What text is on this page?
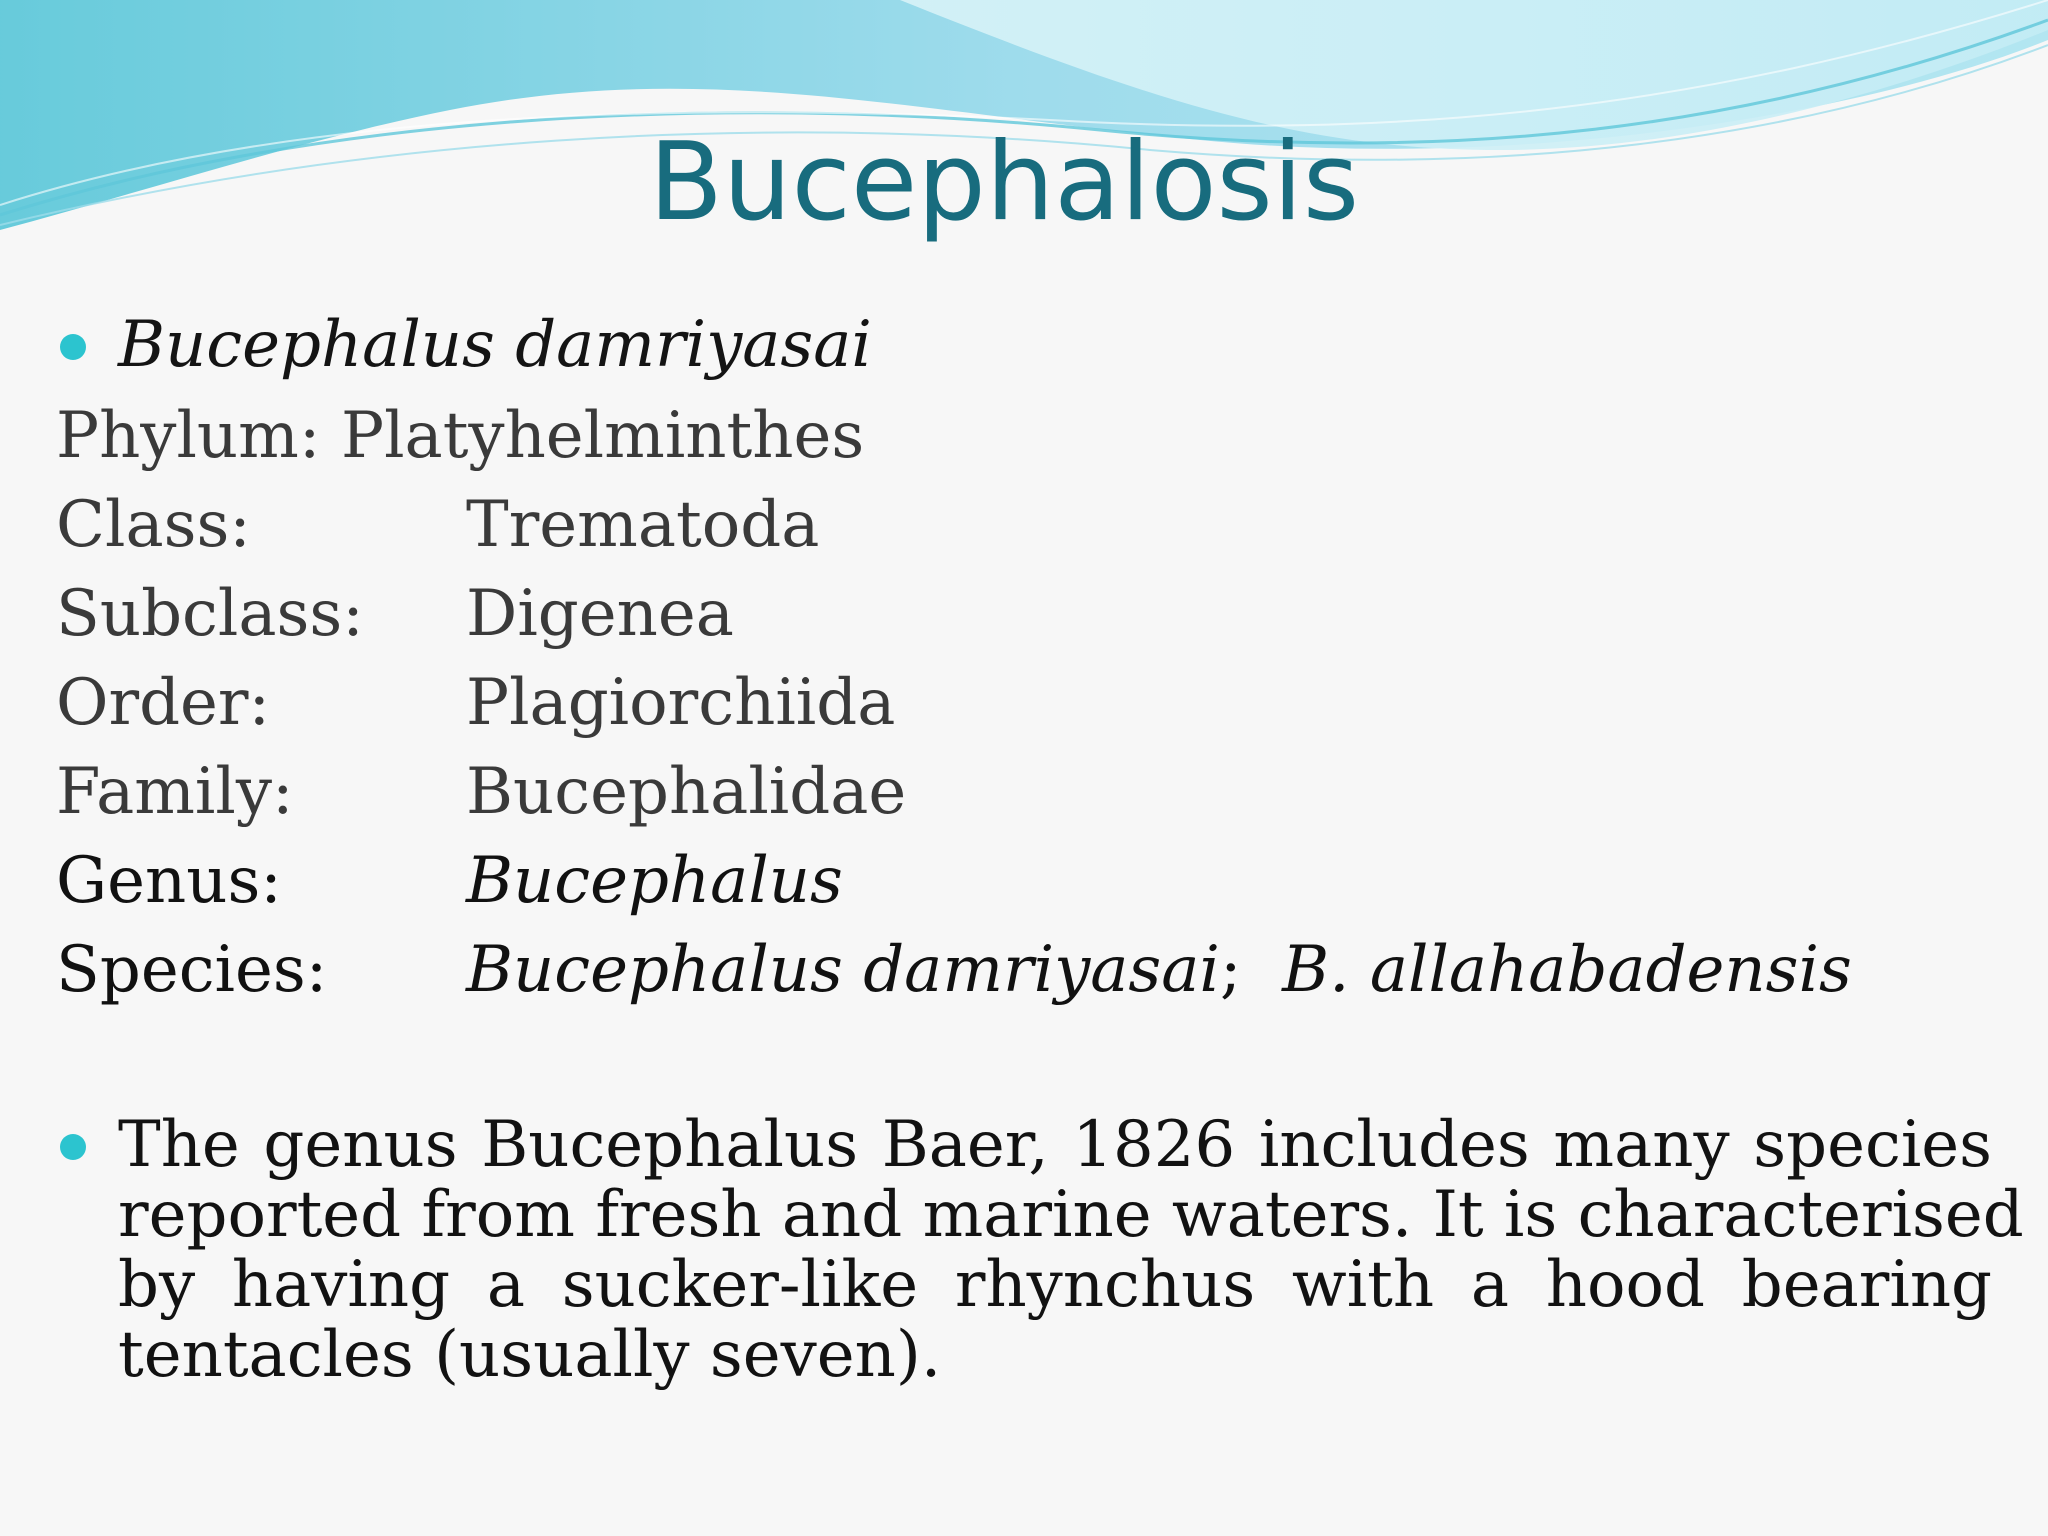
Bucephalosis
Bucephalus damriyasai
Phylum: Platyhelminthes
Class:	Trematoda
Subclass: Digenea
Order:	Plagiorchiida
Family:	Bucephalidae
Genus:	Bucephalus
Species: Bucephalus damriyasai; B. allahabadensis
The genus Bucephalus Baer, 1826 includes many species
reported from fresh and marine waters. It is characterised
by having a sucker-like rhynchus with a hood bearing
tentacles (usually seven).
